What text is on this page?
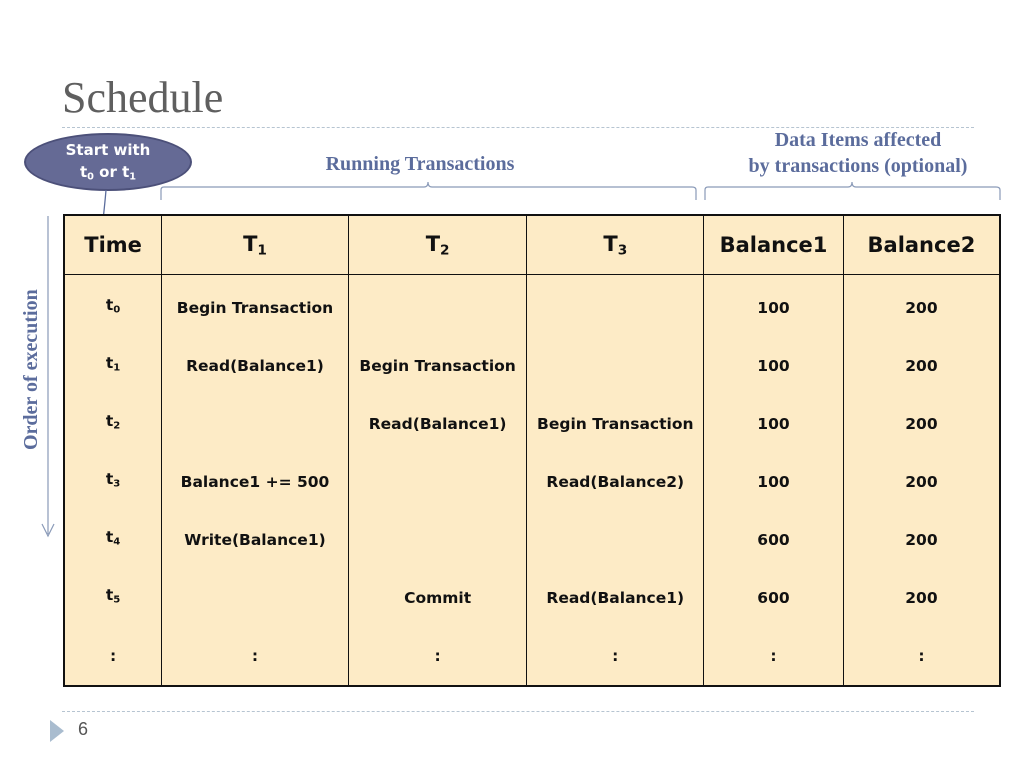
Schedule
Start with
$t_0$ or $t_1$
Running Transactions
Data Items affected
by transactions (optional)
Order of execution
Time	$T_1$	$T_2$	$T_3$	Balance1	Balance2
$t_0$	Begin Transaction			100	200
$t_1$	Read(Balance1)	Begin Transaction		100	200
$t_2$		Read(Balance1)	Begin Transaction	100	200
$t_3$	Balance1 += 500		Read(Balance2)	100	200
$t_4$	Write(Balance1)			600	200
$t_5$		Commit	Read(Balance1)	600	200
:	:	:	:	:	:
6
